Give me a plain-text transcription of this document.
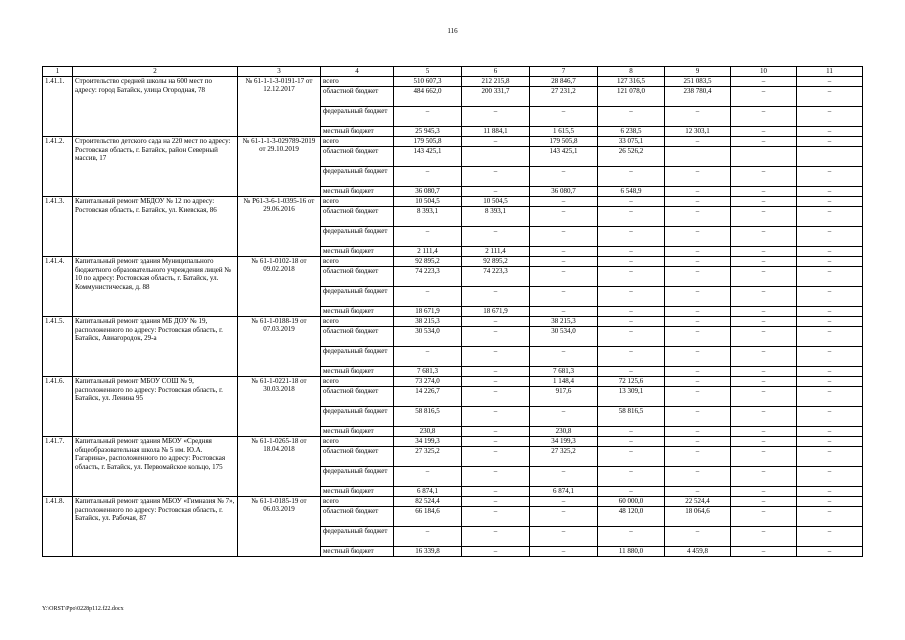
116
1	2	3	4	5	6	7	8	9	10	11
1.41.1.	Строительство средней школы на 600 мест по адресу: город Батайск, улица Огородная, 78	№ 61-1-1-3-0191-17 от 12.12.2017	всего	510 607,3	212 215,8	28 846,7	127 316,5	251 083,5	–	–
			областной бюджет	484 662,0	200 331,7	27 231,2	121 078,0	238 780,4	–	–
			федеральный бюджет	–	–	–	–	–	–	–
			местный бюджет	25 945,3	11 884,1	1 615,5	6 238,5	12 303,1	–	–
1.41.2.	Строительство детского сада на 220 мест по адресу: Ростовская область, г. Батайск, район Северный массив, 17	№ 61-1-1-3-029789-2019 от 29.10.2019	всего	179 505,8	–	179 505,8	33 075,1	–	–	–
			областной бюджет	143 425,1		143 425,1	26 526,2			
			федеральный бюджет	–	–	–	–	–	–	–
			местный бюджет	36 080,7	–	36 080,7	6 548,9	–	–	–
1.41.3.	Капитальный ремонт МБДОУ № 12 по адресу: Ростовская область, г. Батайск, ул. Киевская, 86	№ Р61-3-6-1-0395-16 от 29.06.2016	всего	10 504,5	10 504,5	–	–	–	–	–
			областной бюджет	8 393,1	8 393,1	–	–	–	–	–
			федеральный бюджет	–	–	–	–	–	–	–
			местный бюджет	2 111,4	2 111,4	–	–	–	–	–
1.41.4.	Капитальный ремонт здания Муниципального бюджетного образовательного учреждения лицей № 10 по адресу: Ростовская область, г. Батайск, ул. Коммунистическая, д. 88	№ 61-1-0102-18 от 09.02.2018	всего	92 895,2	92 895,2	–	–	–	–	–
			областной бюджет	74 223,3	74 223,3	–	–	–	–	–
			федеральный бюджет	–	–	–	–	–	–	–
			местный бюджет	18 671,9	18 671,9	–	–	–	–	–
1.41.5.	Капитальный ремонт здания МБ ДОУ № 19, расположенного по адресу: Ростовская область, г. Батайск, Авиагородок, 29-а	№ 61-1-0188-19 от 07.03.2019	всего	38 215,3	–	38 215,3	–	–	–	–
			областной бюджет	30 534,0	–	30 534,0	–	–	–	–
			федеральный бюджет	–	–	–	–	–	–	–
			местный бюджет	7 681,3	–	7 681,3	–	–	–	–
1.41.6.	Капитальный ремонт МБОУ СОШ № 9, расположенного по адресу: Ростовская область, г. Батайск, ул. Ленина 95	№ 61-1-0221-18 от 30.03.2018	всего	73 274,0	–	1 148,4	72 125,6	–	–	–
			областной бюджет	14 226,7	–	917,6	13 309,1	–	–	–
			федеральный бюджет	58 816,5	–	–	58 816,5	–	–	–
			местный бюджет	230,8	–	230,8	–	–	–	–
1.41.7.	Капитальный ремонт здания МБОУ «Средняя общеобразовательная школа № 5 им. Ю.А. Гагарина», расположенного по адресу: Ростовская область, г. Батайск, ул. Первомайское кольцо, 175	№ 61-1-0265-18 от 18.04.2018	всего	34 199,3	–	34 199,3	–	–	–	–
			областной бюджет	27 325,2	–	27 325,2	–	–	–	–
			федеральный бюджет	–	–	–	–	–	–	–
			местный бюджет	6 874,1	–	6 874,1	–	–	–	–
1.41.8.	Капитальный ремонт здания МБОУ «Гимназия № 7», расположенного по адресу: Ростовская область, г. Батайск, ул. Рабочая, 87	№ 61-1-0185-19 от 06.03.2019	всего	82 524,4	–	–	60 000,0	22 524,4	–	–
			областной бюджет	66 184,6	–	–	48 120,0	18 064,6	–	–
			федеральный бюджет	–	–	–	–	–	–	–
			местный бюджет	16 339,8	–	–	11 880,0	4 459,8	–	–
Y:\ORST\Ppo\0228p112.f22.docx
